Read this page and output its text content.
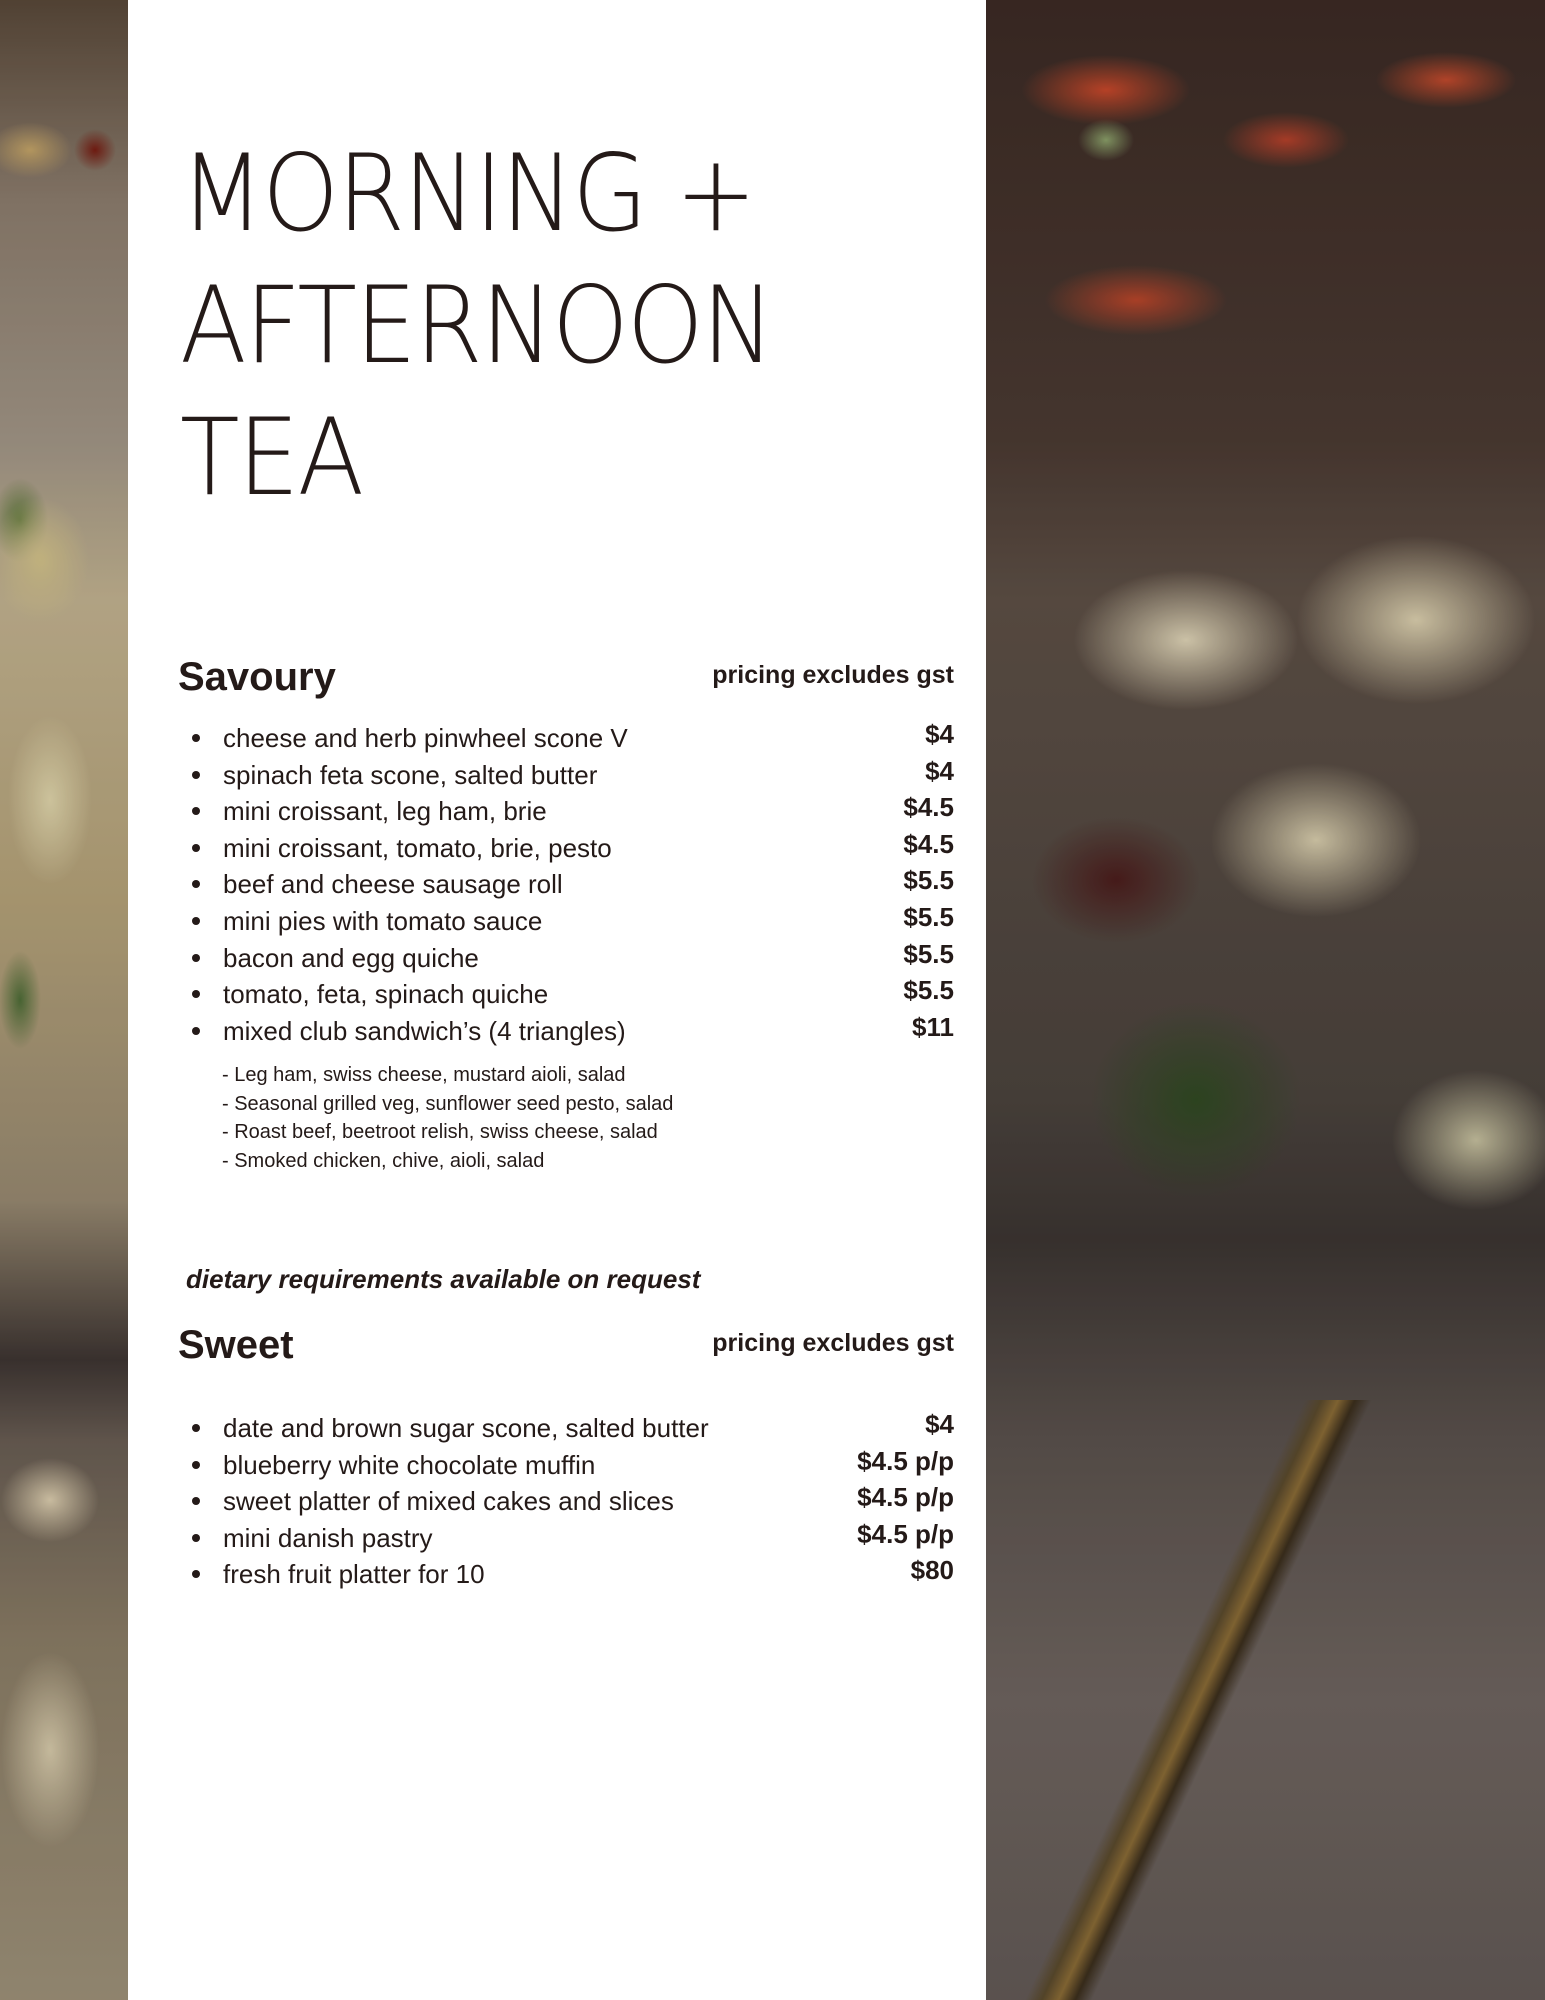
MORNING +
AFTERNOON
TEA
Savoury	pricing excludes gst
cheese and herb pinwheel scone V	$4
spinach feta scone, salted butter	$4
mini croissant, leg ham, brie	$4.5
mini croissant, tomato, brie, pesto	$4.5
beef and cheese sausage roll	$5.5
mini pies with tomato sauce	$5.5
bacon and egg quiche	$5.5
tomato, feta, spinach quiche	$5.5
mixed club sandwich’s (4 triangles)	$11
- Leg ham, swiss cheese, mustard aioli, salad
- Seasonal grilled veg, sunflower seed pesto, salad
- Roast beef, beetroot relish, swiss cheese, salad
- Smoked chicken, chive, aioli, salad
dietary requirements available on request
Sweet	pricing excludes gst
date and brown sugar scone, salted butter	$4
blueberry white chocolate muffin	$4.5 p/p
sweet platter of mixed cakes and slices	$4.5 p/p
mini danish pastry	$4.5 p/p
fresh fruit platter for 10	$80
